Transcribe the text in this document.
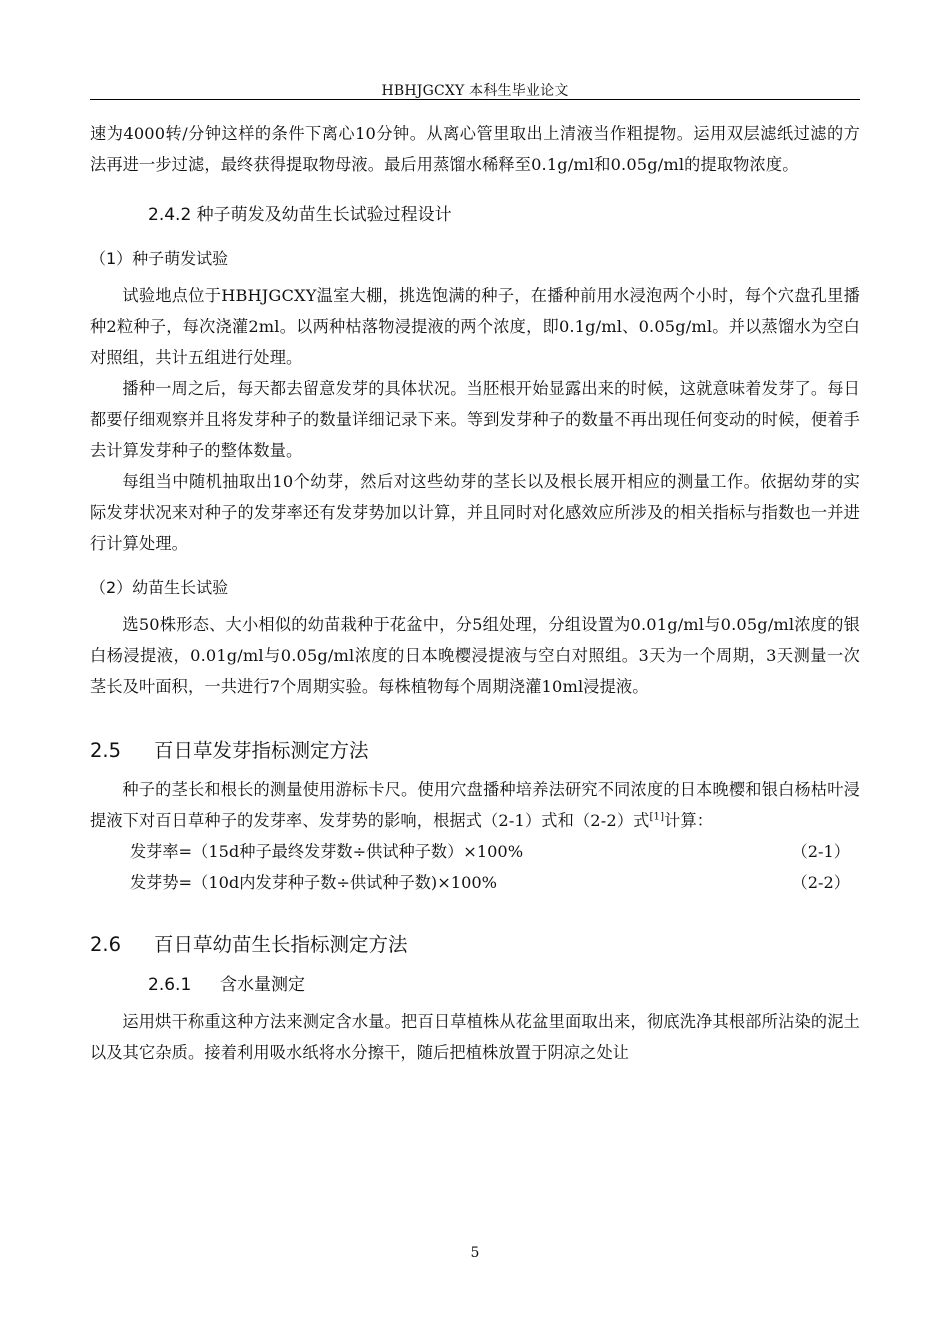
HBHJGCXY 本科生毕业论文

速为4000转/分钟这样的条件下离心10分钟。从离心管里取出上清液当作粗提物。运用双层滤纸过滤的方法再进一步过滤，最终获得提取物母液。最后用蒸馏水稀释至0.1g/ml和0.05g/ml的提取物浓度。

2.4.2 种子萌发及幼苗生长试验过程设计
（1）种子萌发试验

试验地点位于HBHJGCXY温室大棚，挑选饱满的种子，在播种前用水浸泡两个小时，每个穴盘孔里播种2粒种子，每次浇灌2ml。以两种枯落物浸提液的两个浓度，即0.1g/ml、0.05g/ml。并以蒸馏水为空白对照组，共计五组进行处理。

播种一周之后，每天都去留意发芽的具体状况。当胚根开始显露出来的时候，这就意味着发芽了。每日都要仔细观察并且将发芽种子的数量详细记录下来。等到发芽种子的数量不再出现任何变动的时候，便着手去计算发芽种子的整体数量。

每组当中随机抽取出10个幼芽，然后对这些幼芽的茎长以及根长展开相应的测量工作。依据幼芽的实际发芽状况来对种子的发芽率还有发芽势加以计算，并且同时对化感效应所涉及的相关指标与指数也一并进行计算处理。

（2）幼苗生长试验

选50株形态、大小相似的幼苗栽种于花盆中，分5组处理，分组设置为0.01g/ml与0.05g/ml浓度的银白杨浸提液，0.01g/ml与0.05g/ml浓度的日本晚樱浸提液与空白对照组。3天为一个周期，3天测量一次茎长及叶面积，一共进行7个周期实验。每株植物每个周期浇灌10ml浸提液。

2.5 百日草发芽指标测定方法

种子的茎长和根长的测量使用游标卡尺。使用穴盘播种培养法研究不同浓度的日本晚樱和银白杨枯叶浸提液下对百日草种子的发芽率、发芽势的影响，根据式（2-1）式和（2-2）式[1]计算：

发芽率=（15d种子最终发芽数÷供试种子数）×100%	（2-1）
发芽势=（10d内发芽种子数÷供试种子数)×100%	（2-2）
2.6 百日草幼苗生长指标测定方法
2.6.1 含水量测定

运用烘干称重这种方法来测定含水量。把百日草植株从花盆里面取出来，彻底洗净其根部所沾染的泥土以及其它杂质。接着利用吸水纸将水分擦干，随后把植株放置于阴凉之处让

5
